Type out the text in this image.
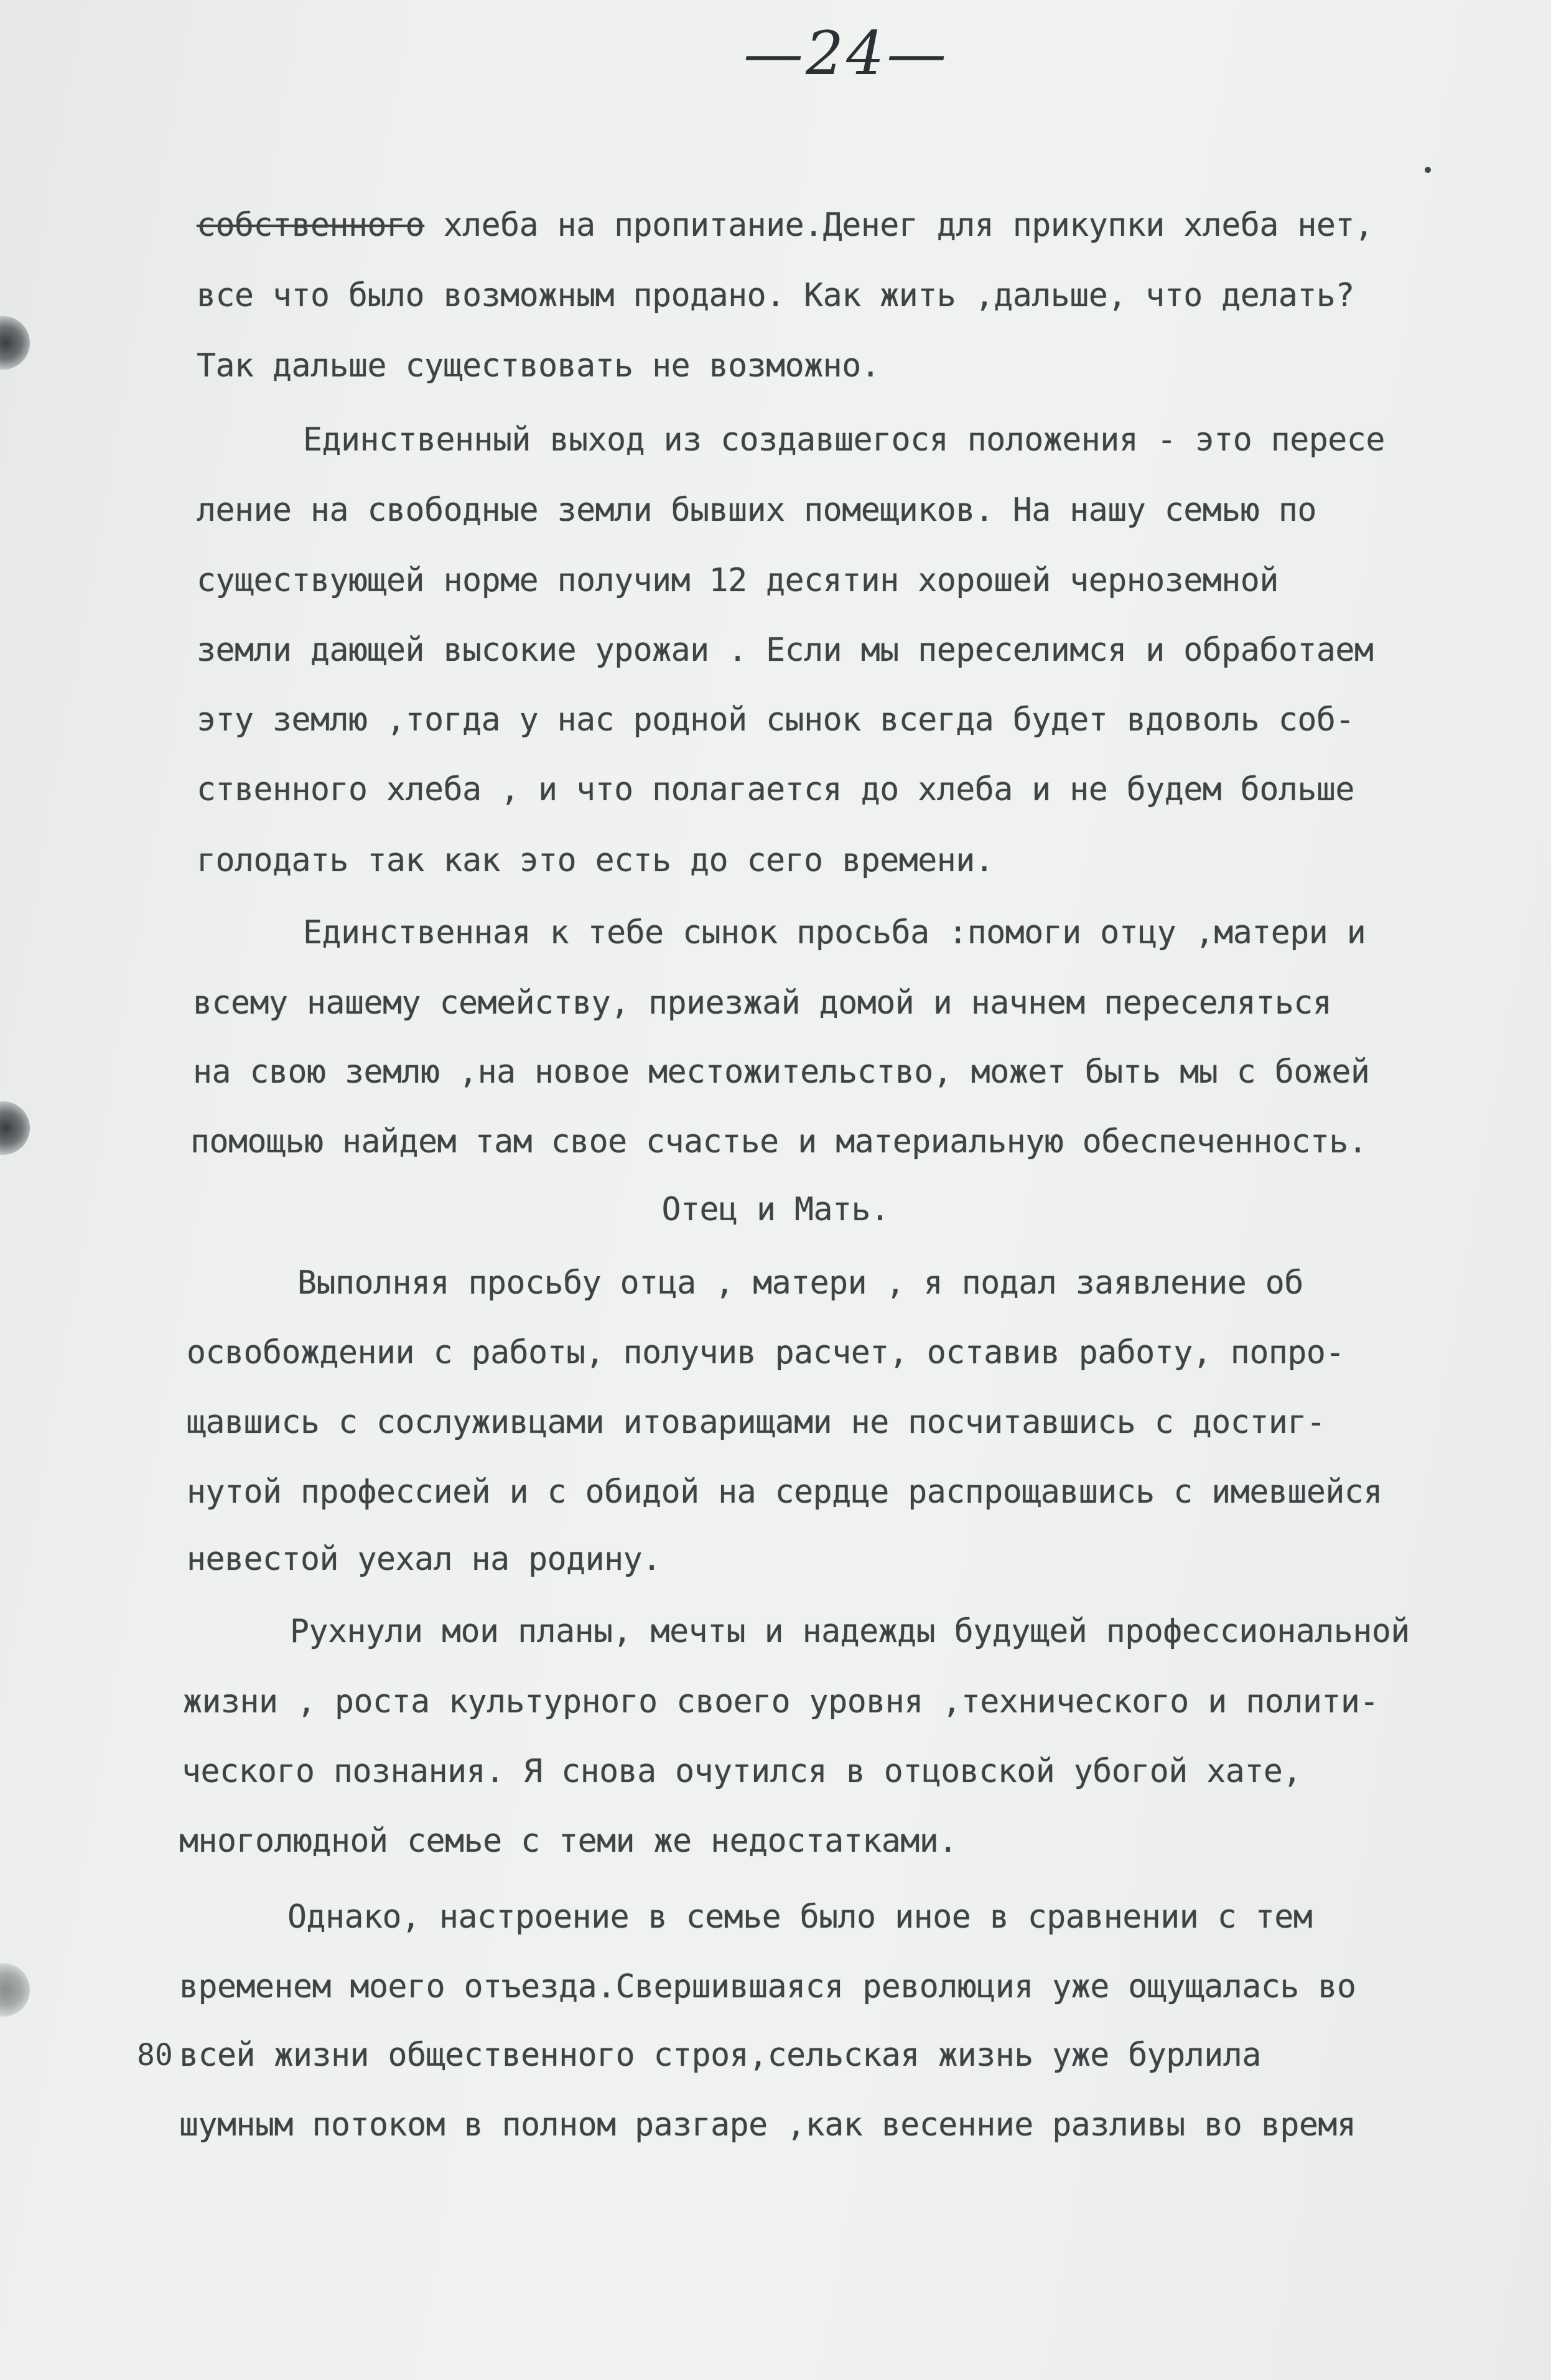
—24—
80
собственного хлеба на пропитание.Денег для прикупки хлеба нет,
все что было возможным продано. Как жить ,дальше, что делать?
Так дальше существовать не возможно.
Единственный выход из создавшегося положения - это пересе
ление на свободные земли бывших помещиков. На нашу семью по
существующей норме получим 12 десятин хорошей черноземной
земли дающей высокие урожаи . Если мы переселимся и обработаем
эту землю ,тогда у нас родной сынок всегда будет вдоволь соб-
ственного хлеба , и что полагается до хлеба и не будем больше
голодать так как это есть до сего времени.
Единственная к тебе сынок просьба :помоги отцу ,матери и
всему нашему семейству, приезжай домой и начнем переселяться
на свою землю ,на новое местожительство, может быть мы с божей
помощью найдем там свое счастье и материальную обеспеченность.
Отец и Мать.
Выполняя просьбу отца , матери , я подал заявление об
освобождении с работы, получив расчет, оставив работу, попро-
щавшись с сослуживцами итоварищами не посчитавшись с достиг-
нутой профессией и с обидой на сердце распрощавшись с имевшейся
невестой уехал на родину.
Рухнули мои планы, мечты и надежды будущей профессиональной
жизни , роста культурного своего уровня ,технического и полити-
ческого познания. Я снова очутился в отцовской убогой хате,
многолюдной семье с теми же недостатками.
Однако, настроение в семье было иное в сравнении с тем
временем моего отъезда.Свершившаяся революция уже ощущалась во
всей жизни общественного строя,сельская жизнь уже бурлила
шумным потоком в полном разгаре ,как весенние разливы во время
